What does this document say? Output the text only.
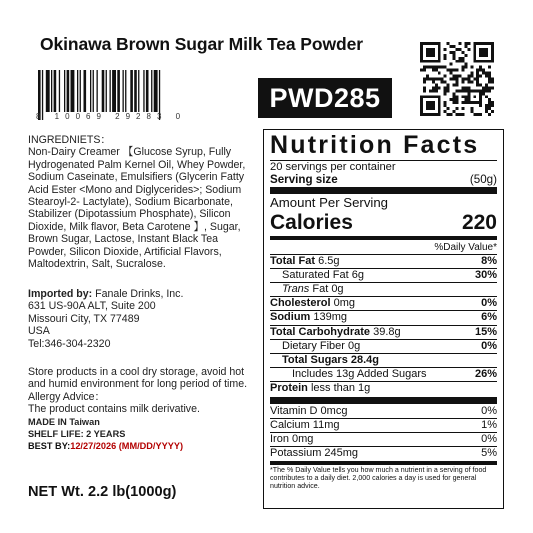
Okinawa Brown Sugar Milk Tea Powder
8 10069 29283 0
PWD285
INGREDNIETS：
Non-Dairy Creamer 【Glucose Syrup, Fully Hydrogenated Palm Kernel Oil, Whey Powder, Sodium Caseinate, Emulsifiers (Glycerin Fatty Acid Ester <Mono and Diglycerides>; Sodium Stearoyl-2- Lactylate), Sodium Bicarbonate, Stabilizer (Dipotassium Phosphate), Silicon Dioxide, Milk flavor, Beta Carotene 】, Sugar, Brown Sugar, Lactose, Instant Black Tea Powder, Silicon Dioxide, Artificial Flavors, Maltodextrin, Salt, Sucralose.
Imported by: Fanale Drinks, Inc.
631 US-90A ALT, Suite 200
Missouri City, TX 77489
USA
Tel:346-304-2320
Store products in a cool dry storage, avoid hot and humid environment for long period of time.
Allergy Advice：
The product contains milk derivative.
MADE IN Taiwan
SHELF LIFE: 2 YEARS
BEST BY:12/27/2026 (MM/DD/YYYY)
NET Wt. 2.2 lb(1000g)
Nutrition Facts
20 servings per container
Serving size	(50g)
Amount Per Serving
Calories	220
%Daily Value*
Total Fat 6.5g	8%
Saturated Fat 6g	30%
Trans Fat 0g
Cholesterol 0mg	0%
Sodium 139mg	6%
Total Carbohydrate 39.8g	15%
Dietary Fiber 0g	0%
Total Sugars 28.4g
Includes 13g Added Sugars	26%
Protein less than 1g
Vitamin D 0mcg	0%
Calcium 11mg	1%
Iron 0mg	0%
Potassium 245mg	5%
*The % Daily Value tells you how much a nutrient in a serving of food contributes to a daily diet. 2,000 calories a day is used for general nutrition advice.
